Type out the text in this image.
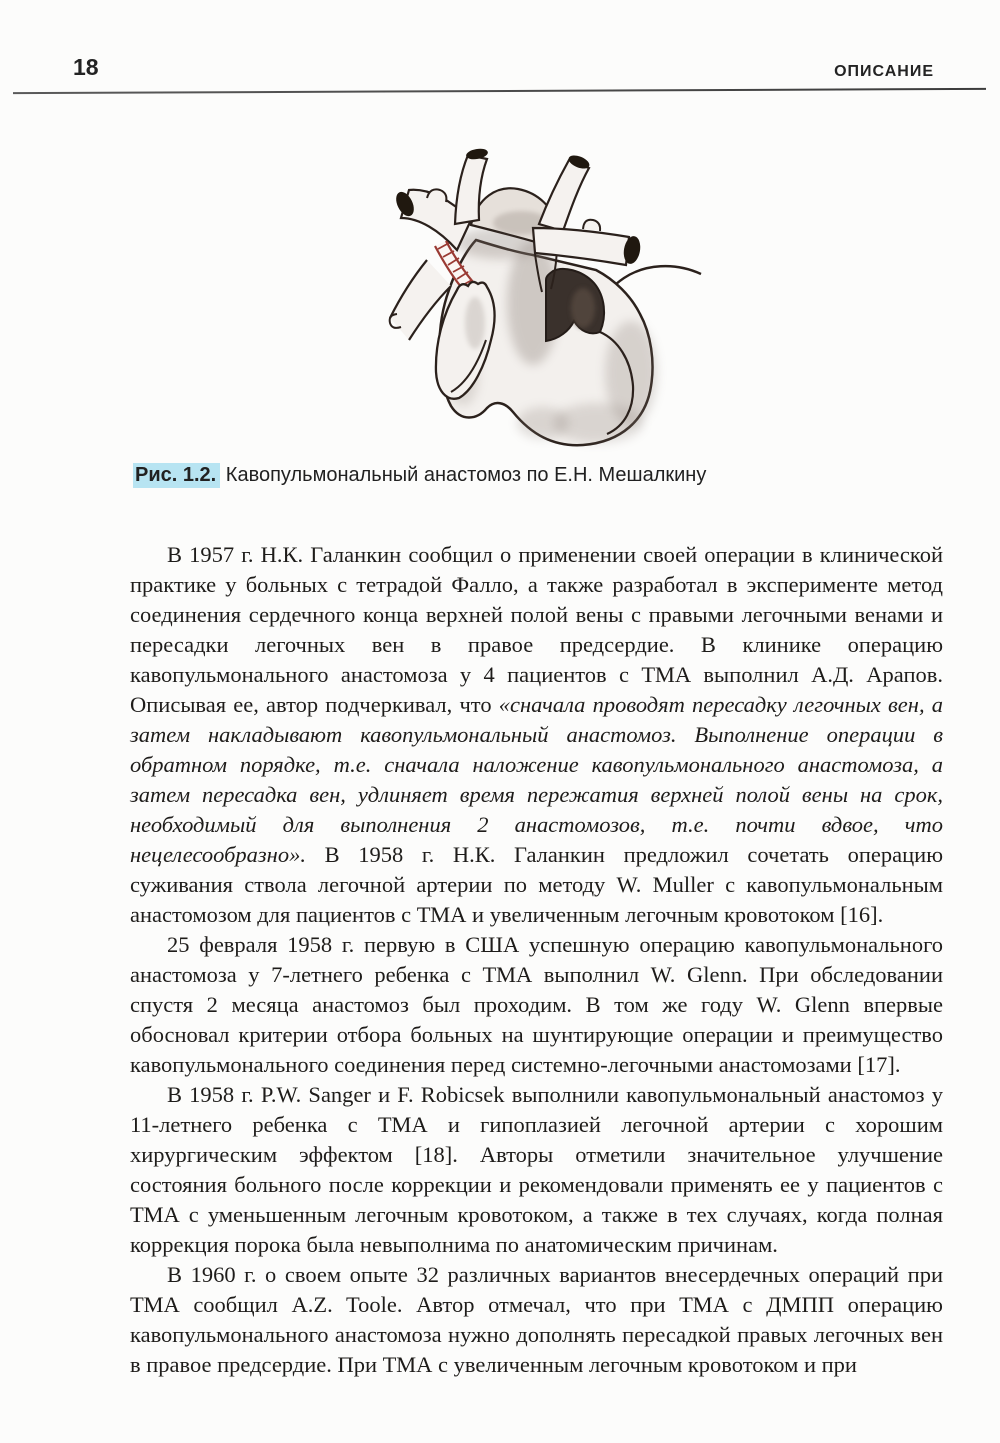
18	ОПИСАНИЕ
Рис. 1.2. Кавопульмональный анастомоз по Е.Н. Мешалкину

В 1957 г. Н.К. Галанкин сообщил о применении своей операции в клинической практике у больных с тетрадой Фалло, а также разработал в эксперименте метод соединения сердечного конца верхней полой вены с правыми легочными венами и пересадки легочных вен в правое предсердие. В клинике операцию кавопульмонального анастомоза у 4 пациентов с ТМА выполнил А.Д. Арапов. Описывая ее, автор подчеркивал, что «сначала проводят пересадку легочных вен, а затем накладывают кавопульмональный анастомоз. Выполнение операции в обратном порядке, т.е. сначала наложение кавопульмонального анастомоза, а затем пересадка вен, удлиняет время пережатия верхней полой вены на срок, необходимый для выполнения 2 анастомозов, т.е. почти вдвое, что нецелесообразно». В 1958 г. Н.К. Галанкин предложил сочетать операцию суживания ствола легочной артерии по методу W. Muller с кавопульмональным анастомозом для пациентов с ТМА и увеличенным легочным кровотоком [16].

25 февраля 1958 г. первую в США успешную операцию кавопульмонального анастомоза у 7-летнего ребенка с ТМА выполнил W. Glenn. При обследовании спустя 2 месяца анастомоз был проходим. В том же году W. Glenn впервые обосновал критерии отбора больных на шунтирующие операции и преимущество кавопульмонального соединения перед системно-легочными анастомозами [17].

В 1958 г. P.W. Sanger и F. Robicsek выполнили кавопульмональный анастомоз у 11-летнего ребенка с ТМА и гипоплазией легочной артерии с хорошим хирургическим эффектом [18]. Авторы отметили значительное улучшение состояния больного после коррекции и рекомендовали применять ее у пациентов с ТМА с уменьшенным легочным кровотоком, а также в тех случаях, когда полная коррекция порока была невыполнима по анатомическим причинам.

В 1960 г. о своем опыте 32 различных вариантов внесердечных операций при ТМА сообщил A.Z. Toole. Автор отмечал, что при ТМА с ДМПП операцию кавопульмонального анастомоза нужно дополнять пересадкой правых легочных вен в правое предсердие. При ТМА с увеличенным легочным кровотоком и при
